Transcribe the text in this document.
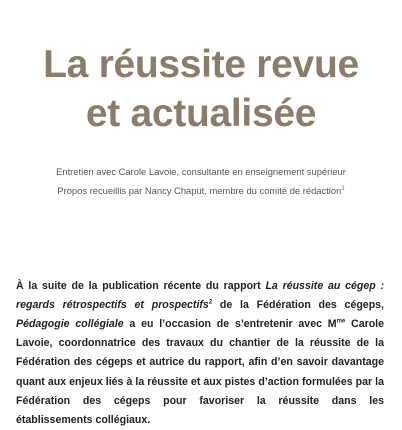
La réussite revue
et actualisée
Entretien avec Carole Lavoie, consultante en enseignement supérieur
Propos recueillis par Nancy Chaput, membre du comité de rédaction$^1$

À la suite de la publication récente du rapport La réussite au cégep : regards rétrospectifs et prospectifs$^2$ de la Fédération des cégeps, Pédagogie collégiale a eu l’occasion de s’entretenir avec $M^{me}$ Carole Lavoie, coordonnatrice des travaux du chantier de la réussite de la Fédération des cégeps et autrice du rapport, afin d’en savoir davantage quant aux enjeux liés à la réussite et aux pistes d’action formulées par la Fédération des cégeps pour favoriser la réussite dans les établissements collégiaux.
